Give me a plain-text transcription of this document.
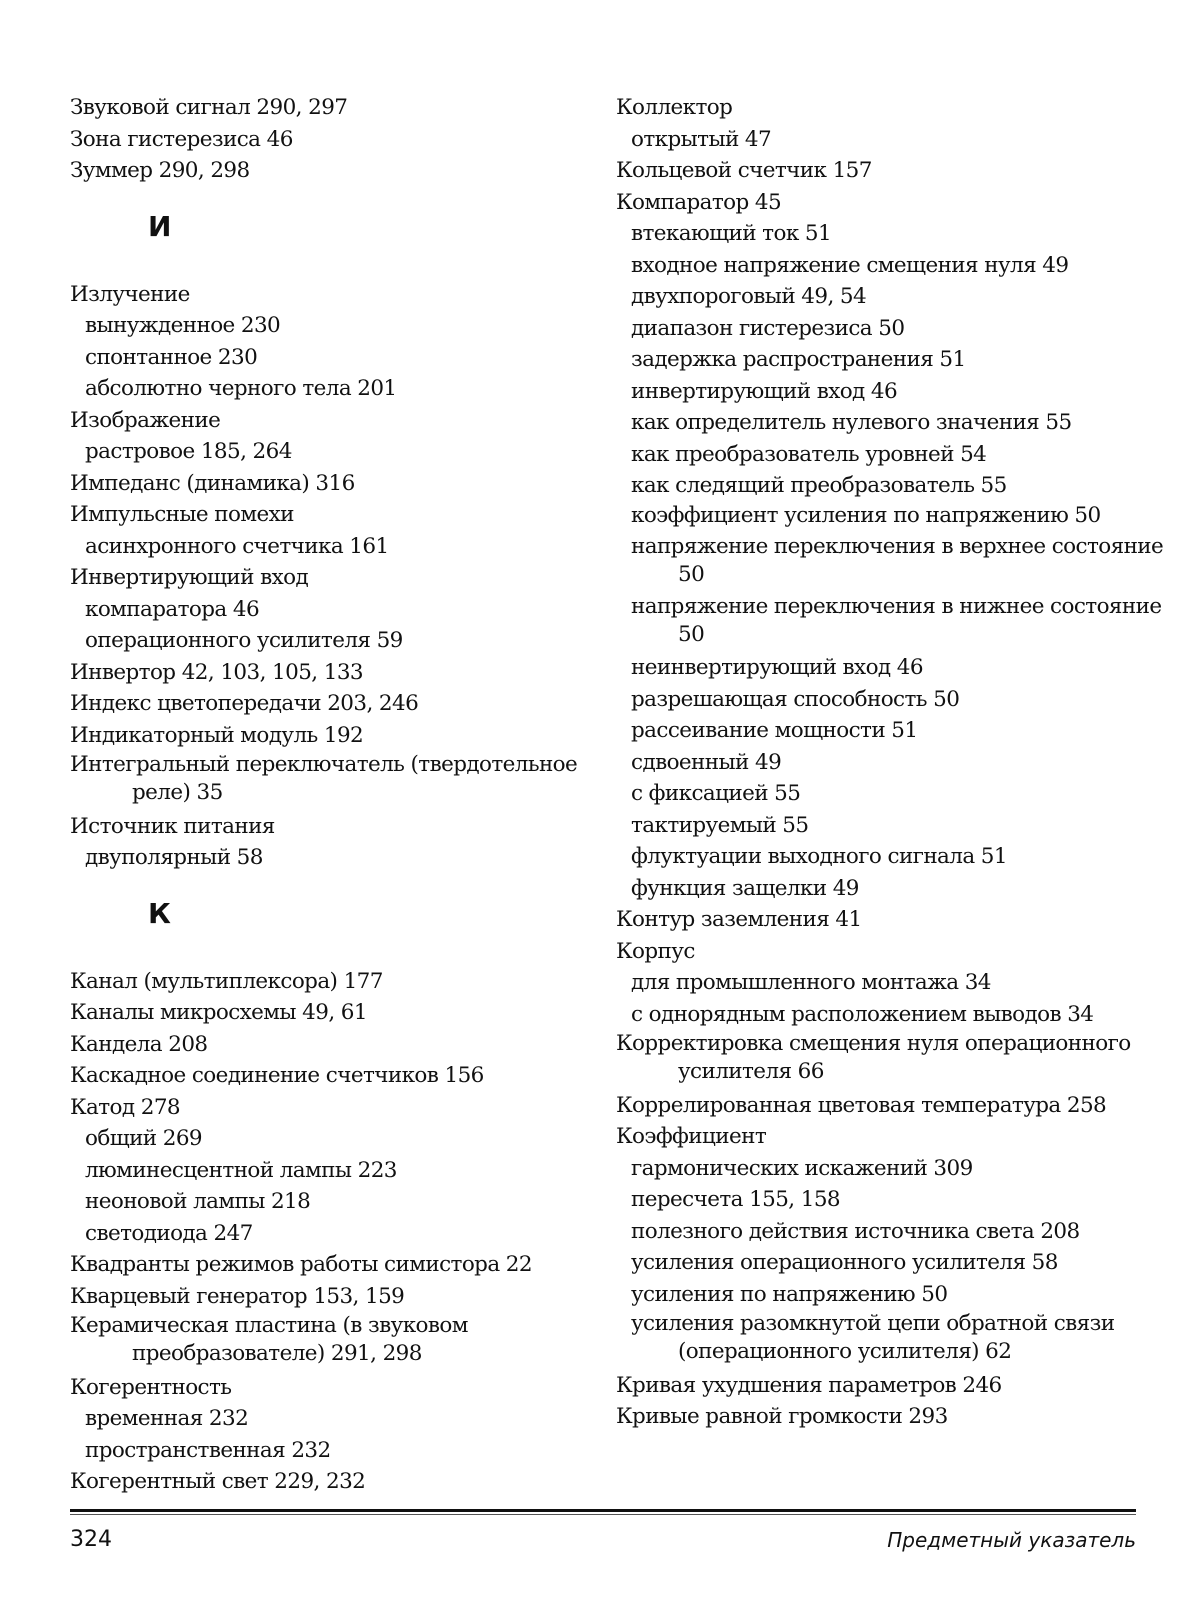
Звуковой сигнал 290, 297
Зона гистерезиса 46
Зуммер 290, 298
И
Излучение
вынужденное 230
спонтанное 230
абсолютно черного тела 201
Изображение
растровое 185, 264
Импеданс (динамика) 316
Импульсные помехи
асинхронного счетчика 161
Инвертирующий вход
компаратора 46
операционного усилителя 59
Инвертор 42, 103, 105, 133
Индекс цветопередачи 203, 246
Индикаторный модуль 192
Интегральный переключатель (твердотельное реле) 35
Источник питания
двуполярный 58
К
Канал (мультиплексора) 177
Каналы микросхемы 49, 61
Кандела 208
Каскадное соединение счетчиков 156
Катод 278
общий 269
люминесцентной лампы 223
неоновой лампы 218
светодиода 247
Квадранты режимов работы симистора 22
Кварцевый генератор 153, 159
Керамическая пластина (в звуковом преобразователе) 291, 298
Когерентность
временная 232
пространственная 232
Когерентный свет 229, 232
Коллектор
открытый 47
Кольцевой счетчик 157
Компаратор 45
втекающий ток 51
входное напряжение смещения нуля 49
двухпороговый 49, 54
диапазон гистерезиса 50
задержка распространения 51
инвертирующий вход 46
как определитель нулевого значения 55
как преобразователь уровней 54
как следящий преобразователь 55
коэффициент усиления по напряжению 50
напряжение переключения в верхнее состояние 50
напряжение переключения в нижнее состояние 50
неинвертирующий вход 46
разрешающая способность 50
рассеивание мощности 51
сдвоенный 49
с фиксацией 55
тактируемый 55
флуктуации выходного сигнала 51
функция защелки 49
Контур заземления 41
Корпус
для промышленного монтажа 34
с однорядным расположением выводов 34
Корректировка смещения нуля операционного усилителя 66
Коррелированная цветовая температура 258
Коэффициент
гармонических искажений 309
пересчета 155, 158
полезного действия источника света 208
усиления операционного усилителя 58
усиления по напряжению 50
усиления разомкнутой цепи обратной связи (операционного усилителя) 62
Кривая ухудшения параметров 246
Кривые равной громкости 293
324	Предметный указатель
